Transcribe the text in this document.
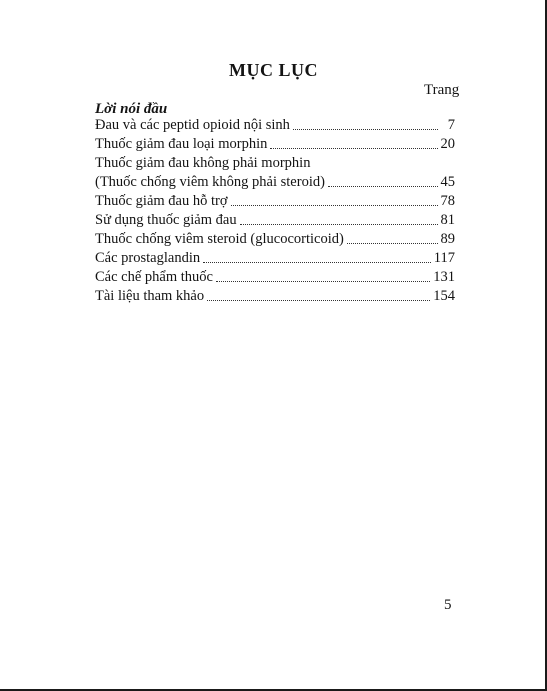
MỤC LỤC
Trang
Lời nói đầu
Đau và các peptid opioid nội sinh	7
Thuốc giảm đau loại morphin	20
Thuốc giảm đau không phải morphin
(Thuốc chống viêm không phải steroid)	45
Thuốc giảm đau hỗ trợ	78
Sử dụng thuốc giảm đau	81
Thuốc chống viêm steroid (glucocorticoid)	89
Các prostaglandin	117
Các chế phẩm thuốc	131
Tài liệu tham khảo	154
5
